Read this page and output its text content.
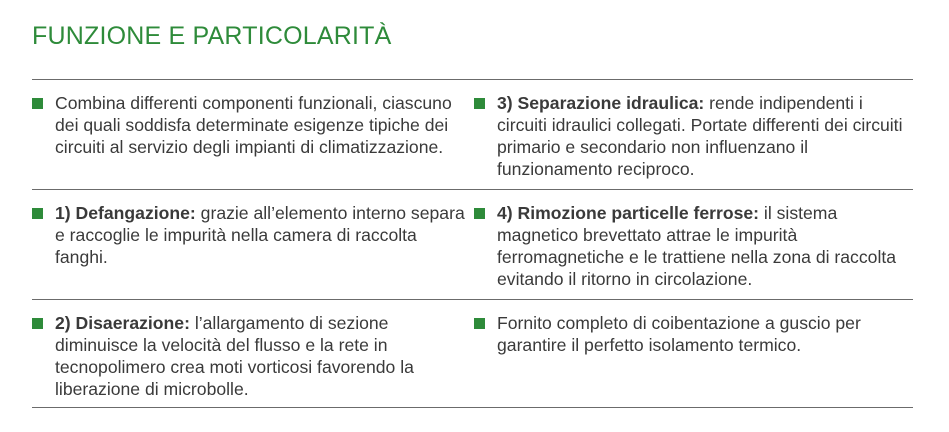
FUNZIONE E PARTICOLARITÀ
Combina differenti componenti funzionali, ciascuno dei quali soddisfa determinate esigenze tipiche dei circuiti al servizio degli impianti di climatizzazione.
3) Separazione idraulica: rende indipendenti i circuiti idraulici collegati. Portate differenti dei circuiti primario e secondario non influenzano il funzionamento reciproco.
1) Defangazione: grazie all’elemento interno separa e raccoglie le impurità nella camera di raccolta fanghi.
4) Rimozione particelle ferrose: il sistema magnetico brevettato attrae le impurità ferromagnetiche e le trattiene nella zona di raccolta evitando il ritorno in circolazione.
2) Disaerazione: l’allargamento di sezione diminuisce la velocità del flusso e la rete in tecnopolimero crea moti vorticosi favorendo la liberazione di microbolle.
Fornito completo di coibentazione a guscio per garantire il perfetto isolamento termico.
